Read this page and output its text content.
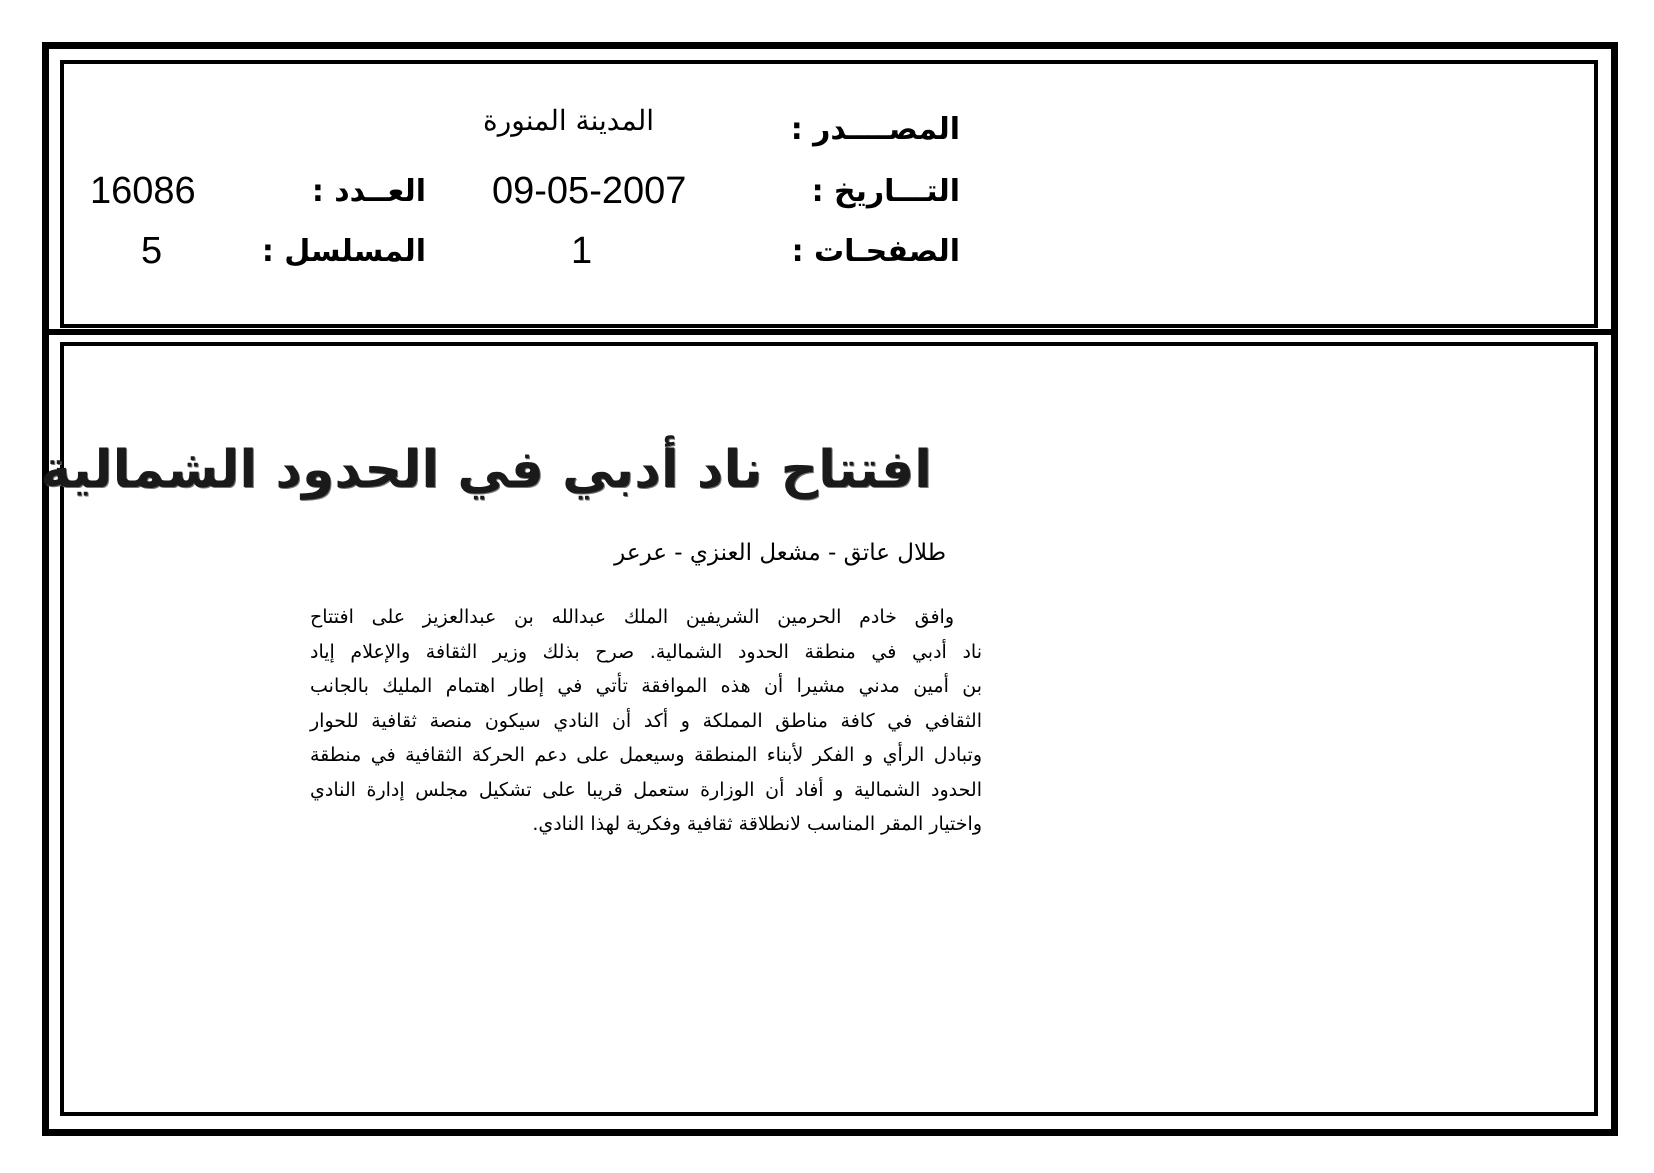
المصــــدر :
المدينة المنورة
التـــاريخ :
09-05-2007
العــدد :
16086
الصفحـات :
1
المسلسل :
5
افتتاح ناد أدبي في الحدود الشمالية
طلال عاتق - مشعل العنزي - عرعر
وافق خادم الحرمين الشريفين الملك عبدالله بن عبدالعزيز على افتتاح
ناد أدبي في منطقة الحدود الشمالية. صرح بذلك وزير الثقافة والإعلام إياد
بن أمين مدني مشيرا أن هذه الموافقة تأتي في إطار اهتمام المليك بالجانب
الثقافي في كافة مناطق المملكة و أكد أن النادي سيكون منصة ثقافية للحوار
وتبادل الرأي و الفكر لأبناء المنطقة وسيعمل على دعم الحركة الثقافية في منطقة
الحدود الشمالية و أفاد أن الوزارة ستعمل قريبا على تشكيل مجلس إدارة النادي
واختيار المقر المناسب لانطلاقة ثقافية وفكرية لهذا النادي.
